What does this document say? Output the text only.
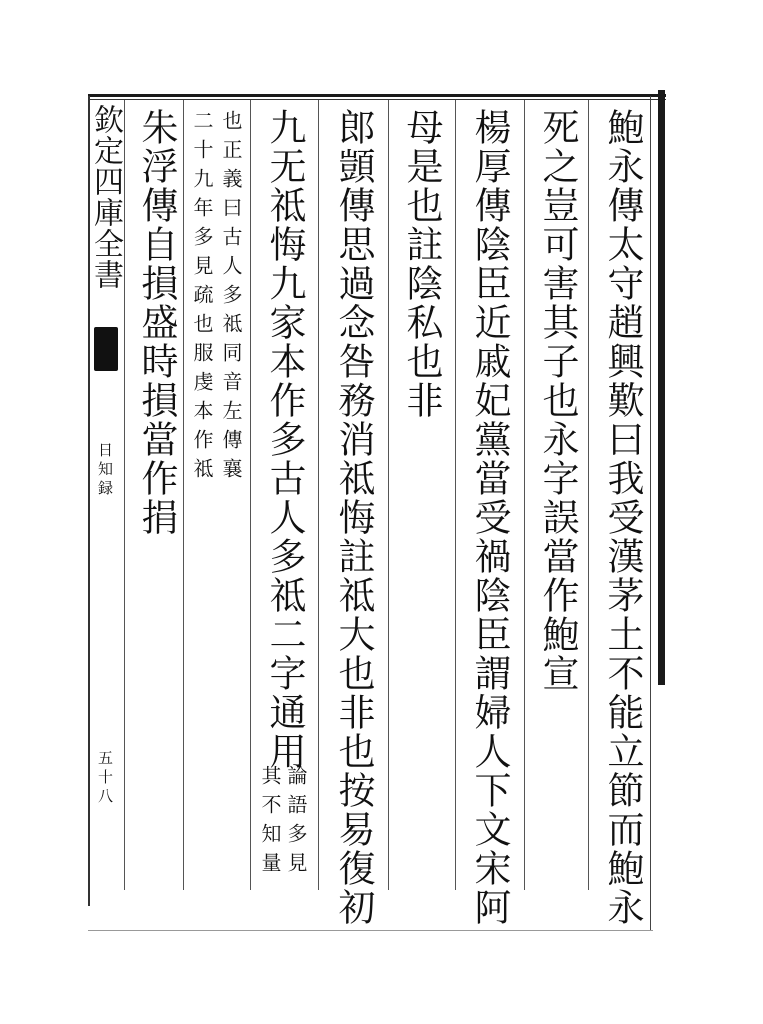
鮑永傳太守趙興歎曰我受漢茅土不能立節而鮑永
死之豈可害其子也永字誤當作鮑宣
楊厚傳陰臣近戚妃黨當受禍陰臣謂婦人下文宋阿
母是也註陰私也非
郎顗傳思過念咎務消祗悔註祗大也非也按易復初
九无祗悔九家本作多古人多祗二字通用
論語多見
其不知量
也正義曰古人多祗同音左傳襄
二十九年多見疏也服虔本作祗
朱浮傳自損盛時損當作捐
欽定四庫全書
日知録
五十八
